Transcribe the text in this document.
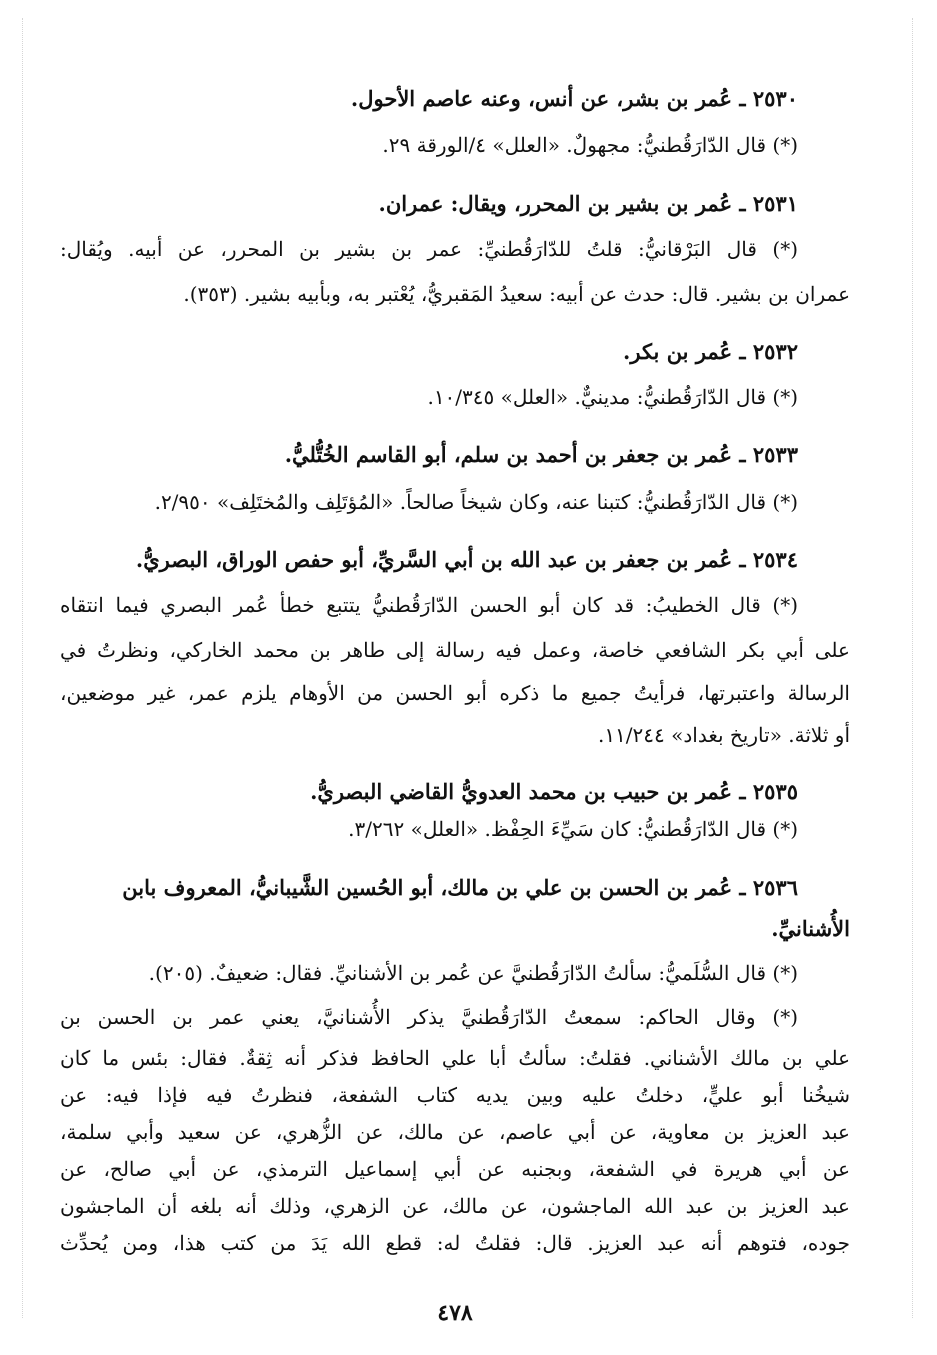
٢٥٣٠ ـ عُمر بن بشر، عن أنس، وعنه عاصم الأحول.
(*) قال الدّارَقُطنيُّ: مجهولٌ. «العلل» ٤/الورقة ٢٩.
٢٥٣١ ـ عُمر بن بشير بن المحرر، ويقال: عمران.
(*) قال البَرْقانيُّ: قلتُ للدّارَقُطنيِّ: عمر بن بشير بن المحرر، عن أبيه. ويُقال:
عمران بن بشير. قال: حدث عن أبيه: سعيدُ المَقبريُّ، يُعْتبر به، وبأبيه بشير. (٣٥٣).
٢٥٣٢ ـ عُمر بن بكر.
(*) قال الدّارَقُطنيُّ: مدينيٌّ. «العلل» ١٠/٣٤٥.
٢٥٣٣ ـ عُمر بن جعفر بن أحمد بن سلم، أبو القاسم الخُتُّليُّ.
(*) قال الدّارَقُطنيُّ: كتبنا عنه، وكان شيخاً صالحاً. «المُؤتَلِف والمُختَلِف» ٢/٩٥٠.
٢٥٣٤ ـ عُمر بن جعفر بن عبد الله بن أبي السَّريِّ، أبو حفص الوراق، البصريُّ.
(*) قال الخطيبُ: قد كان أبو الحسن الدّارَقُطنيُّ يتتبع خطأ عُمر البصري فيما انتقاه
على أبي بكر الشافعي خاصة، وعمل فيه رسالة إلى طاهر بن محمد الخاركي، ونظرتُ في
الرسالة واعتبرتها، فرأيتُ جميع ما ذكره أبو الحسن من الأوهام يلزم عمر، غير موضعين،
أو ثلاثة. «تاريخ بغداد» ١١/٢٤٤.
٢٥٣٥ ـ عُمر بن حبيب بن محمد العدويُّ القاضي البصريُّ.
(*) قال الدّارَقُطنيُّ: كان سَيِّءَ الحِفْظ. «العلل» ٣/٢٦٢.
٢٥٣٦ ـ عُمر بن الحسن بن علي بن مالك، أبو الحُسين الشَّيبانيُّ، المعروف بابن
الأُشنانيِّ.
(*) قال السُّلَميُّ: سألتُ الدّارَقُطنيَّ عن عُمر بن الأشنانيِّ. فقال: ضعيفٌ. (٢٠٥).
(*) وقال الحاكم: سمعتُ الدّارَقُطنيَّ يذكر الأُشنانيَّ، يعني عمر بن الحسن بن
علي بن مالك الأشناني. فقلتُ: سألتُ أبا علي الحافظ فذكر أنه ثِقةٌ. فقال: بئس ما كان
شيخُنا أبو عليٍّ، دخلتُ عليه وبين يديه كتاب الشفعة، فنظرتُ فيه فإذا فيه: عن
عبد العزيز بن معاوية، عن أبي عاصم، عن مالك، عن الزُّهري، عن سعيد وأبي سلمة،
عن أبي هريرة في الشفعة، وبجنبه عن أبي إسماعيل الترمذي، عن أبي صالح، عن
عبد العزيز بن عبد الله الماجشون، عن مالك، عن الزهري، وذلك أنه بلغه أن الماجشون
جوده، فتوهم أنه عبد العزيز. قال: فقلتُ له: قطع الله يَدَ من كتب هذا، ومن يُحدِّث
٤٧٨
